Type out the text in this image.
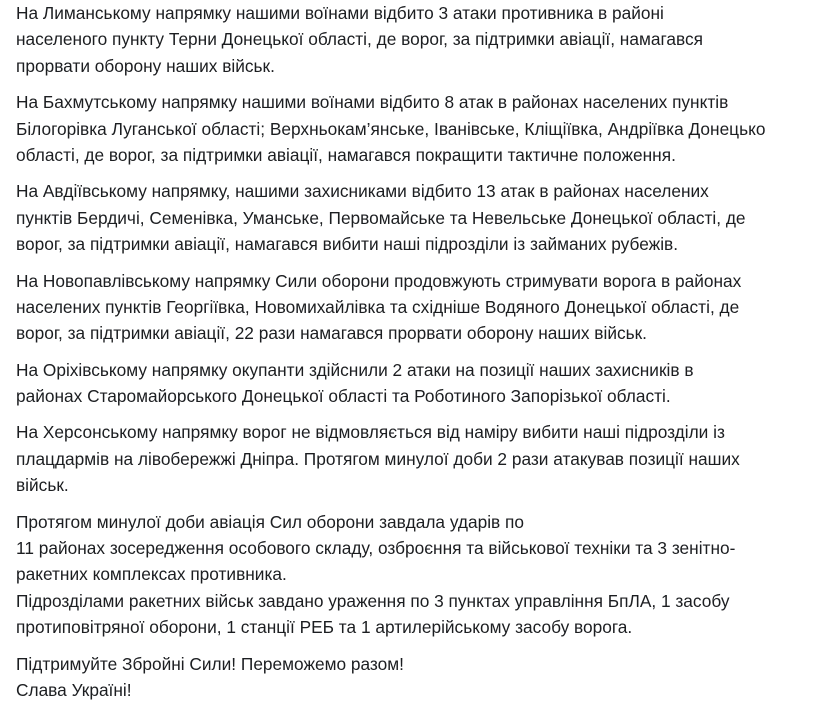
На Лиманському напрямку нашими воїнами відбито 3 атаки противника в районі
населеного пункту Терни Донецької області, де ворог, за підтримки авіації, намагався
прорвати оборону наших військ.

На Бахмутському напрямку нашими воїнами відбито 8 атак в районах населених пунктів
Білогорівка Луганської області; Верхньокам’янське, Іванівське, Кліщіївка, Андріївка Донецько
області, де ворог, за підтримки авіації, намагався покращити тактичне положення.

На Авдіївському напрямку, нашими захисниками відбито 13 атак в районах населених
пунктів Бердичі, Семенівка, Уманське, Первомайське та Невельське Донецької області, де
ворог, за підтримки авіації, намагався вибити наші підрозділи із займаних рубежів.

На Новопавлівському напрямку Сили оборони продовжують стримувати ворога в районах
населених пунктів Георгіївка, Новомихайлівка та східніше Водяного Донецької області, де
ворог, за підтримки авіації, 22 рази намагався прорвати оборону наших військ.

На Оріхівському напрямку окупанти здійснили 2 атаки на позиції наших захисників в
районах Старомайорського Донецької області та Роботиного Запорізької області.

На Херсонському напрямку ворог не відмовляється від наміру вибити наші підрозділи із
плацдармів на лівобережжі Дніпра. Протягом минулої доби 2 рази атакував позиції наших
військ.

Протягом минулої доби авіація Сил оборони завдала ударів по
11 районах зосередження особового складу, озброєння та військової техніки та 3 зенітно-
ракетних комплексах противника.
Підрозділами ракетних військ завдано ураження по 3 пунктах управління БпЛА, 1 засобу
протиповітряної оборони, 1 станції РЕБ та 1 артилерійському засобу ворога.

Підтримуйте Збройні Сили! Переможемо разом!
Слава Україні!
